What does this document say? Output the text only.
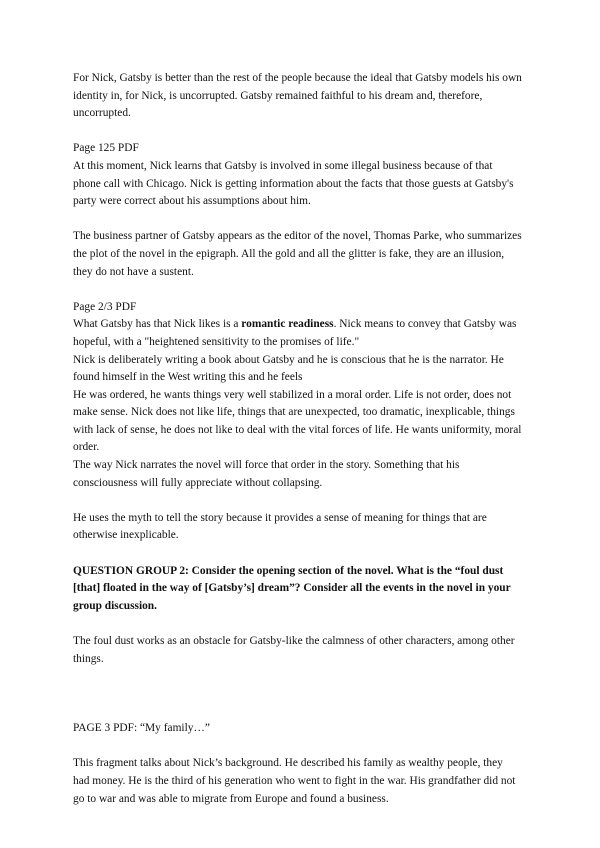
For Nick, Gatsby is better than the rest of the people because the ideal that Gatsby models his own identity in, for Nick, is uncorrupted. Gatsby remained faithful to his dream and, therefore, uncorrupted.

Page 125 PDF

At this moment, Nick learns that Gatsby is involved in some illegal business because of that phone call with Chicago. Nick is getting information about the facts that those guests at Gatsby's party were correct about his assumptions about him.

The business partner of Gatsby appears as the editor of the novel, Thomas Parke, who summarizes the plot of the novel in the epigraph. All the gold and all the glitter is fake, they are an illusion, they do not have a sustent.

Page 2/3 PDF

What Gatsby has that Nick likes is a romantic readiness. Nick means to convey that Gatsby was hopeful, with a "heightened sensitivity to the promises of life."

Nick is deliberately writing a book about Gatsby and he is conscious that he is the narrator. He found himself in the West writing this and he feels

He was ordered, he wants things very well stabilized in a moral order. Life is not order, does not make sense. Nick does not like life, things that are unexpected, too dramatic, inexplicable, things with lack of sense, he does not like to deal with the vital forces of life. He wants uniformity, moral order.

The way Nick narrates the novel will force that order in the story. Something that his consciousness will fully appreciate without collapsing.

He uses the myth to tell the story because it provides a sense of meaning for things that are otherwise inexplicable.

QUESTION GROUP 2: Consider the opening section of the novel. What is the “foul dust [that] floated in the way of [Gatsby’s] dream”? Consider all the events in the novel in your group discussion.

The foul dust works as an obstacle for Gatsby-like the calmness of other characters, among other things.

PAGE 3 PDF: “My family…”

This fragment talks about Nick’s background. He described his family as wealthy people, they had money. He is the third of his generation who went to fight in the war. His grandfather did not go to war and was able to migrate from Europe and found a business.
